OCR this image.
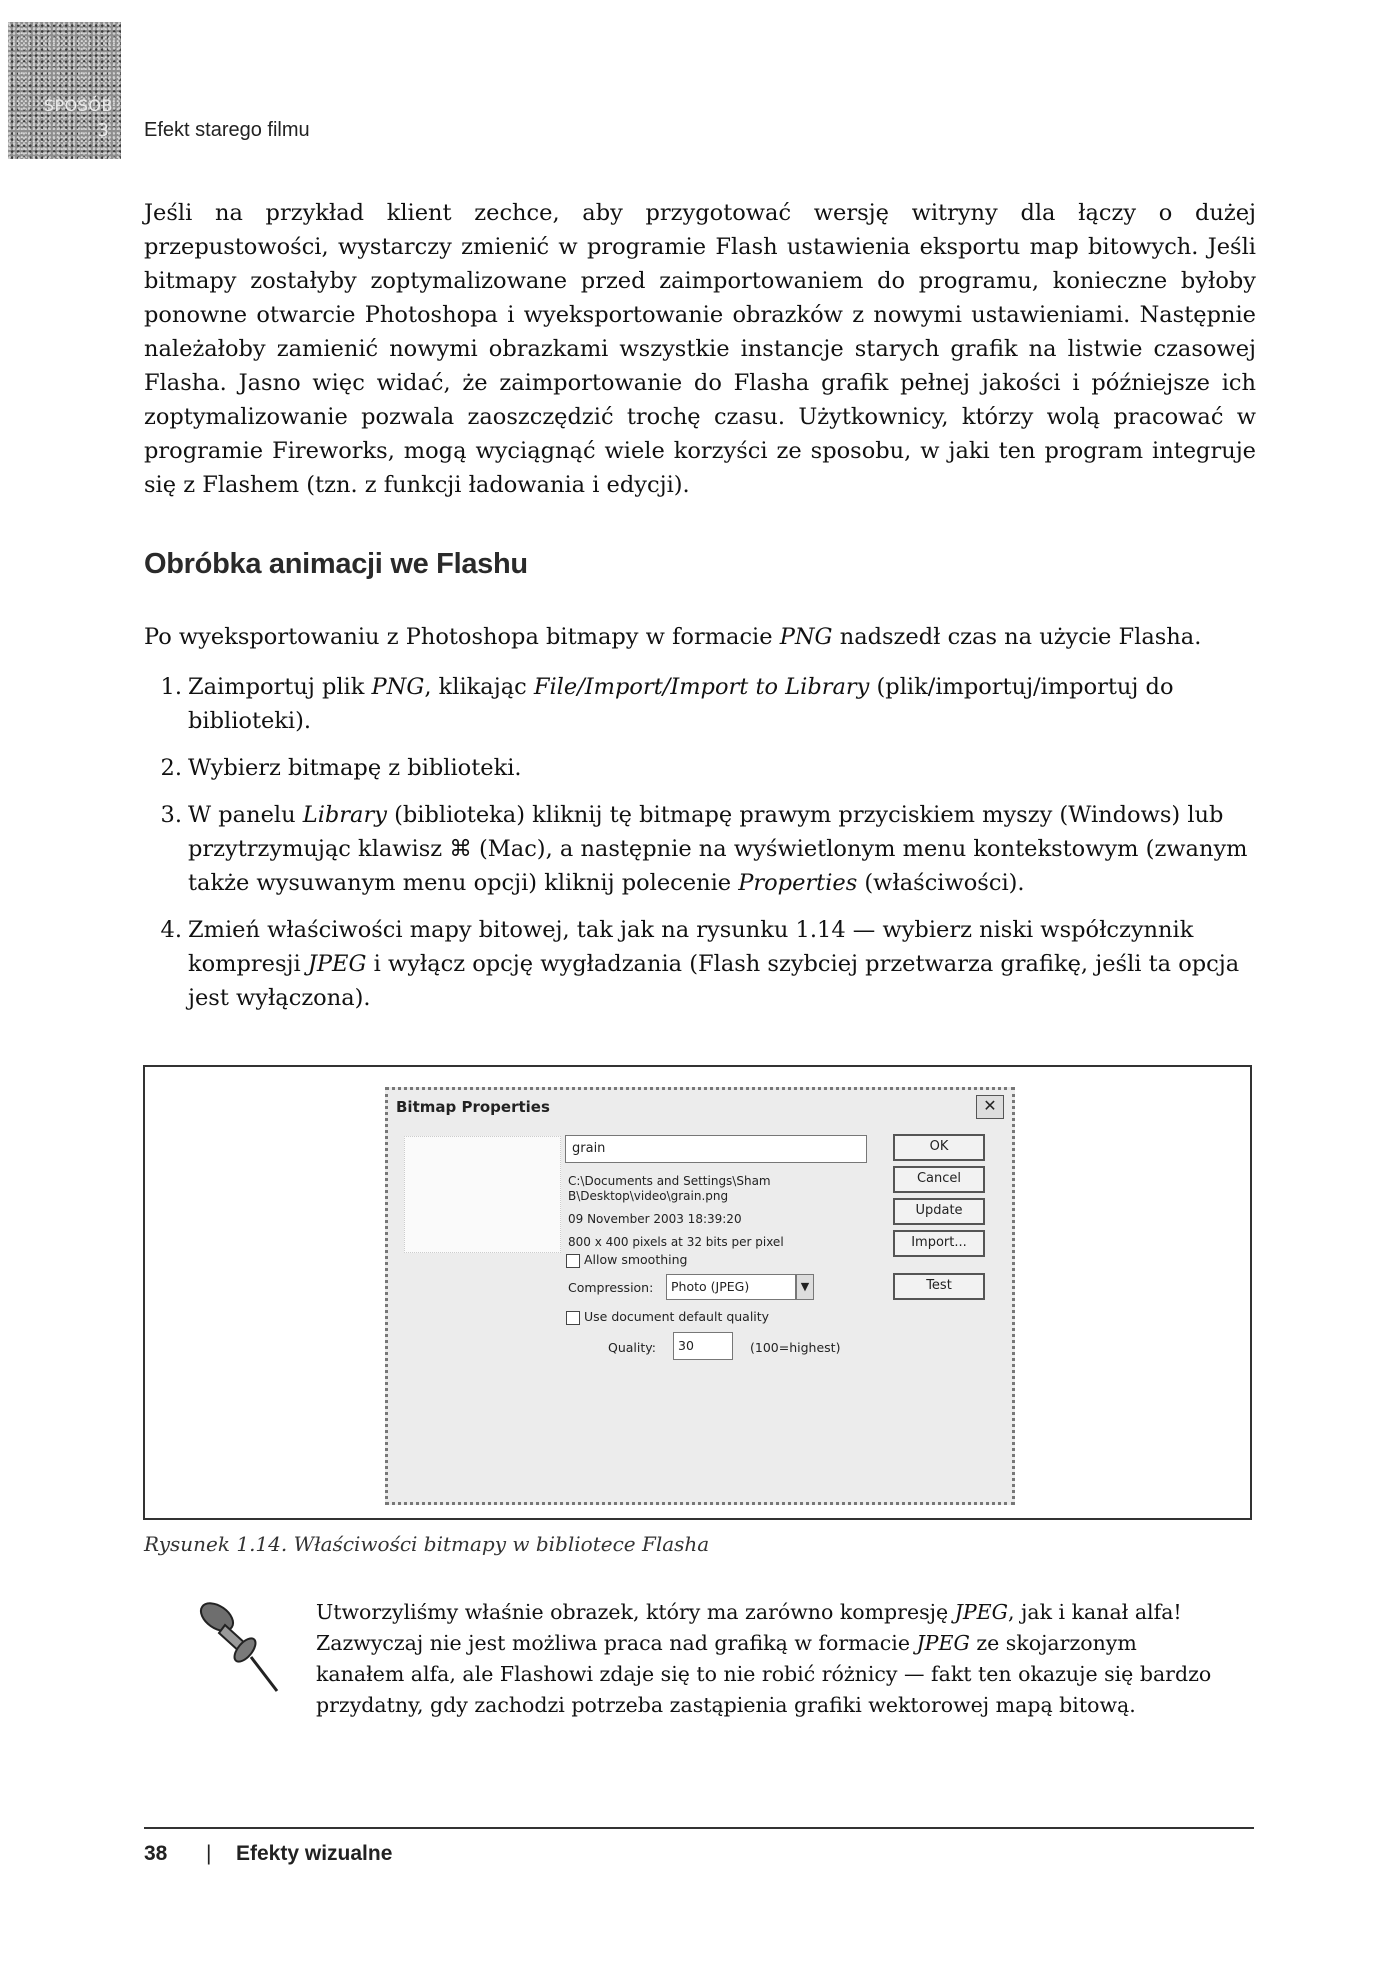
SPOSÓB
3 Efekt starego filmu
Jeśli na przykład klient zechce, aby przygotować wersję witryny dla łączy o dużej przepustowości, wystarczy zmienić w programie Flash ustawienia eksportu map bitowych. Jeśli bitmapy zostałyby zoptymalizowane przed zaimportowaniem do programu, konieczne byłoby ponowne otwarcie Photoshopa i wyeksportowanie obrazków z nowymi ustawieniami. Następnie należałoby zamienić nowymi obrazkami wszystkie instancje starych grafik na listwie czasowej Flasha. Jasno więc widać, że zaimportowanie do Flasha grafik pełnej jakości i późniejsze ich zoptymalizowanie pozwala zaoszczędzić trochę czasu. Użytkownicy, którzy wolą pracować w programie Fireworks, mogą wyciągnąć wiele korzyści ze sposobu, w jaki ten program integruje się z Flashem (tzn. z funkcji ładowania i edycji).
Obróbka animacji we Flashu
Po wyeksportowaniu z Photoshopa bitmapy w formacie PNG nadszedł czas na użycie Flasha.
1. Zaimportuj plik PNG, klikając File/Import/Import to Library (plik/importuj/importuj do biblioteki).
2. Wybierz bitmapę z biblioteki.
3. W panelu Library (biblioteka) kliknij tę bitmapę prawym przyciskiem myszy (Windows) lub przytrzymując klawisz ⌘ (Mac), a następnie na wyświetlonym menu kontekstowym (zwanym także wysuwanym menu opcji) kliknij polecenie Properties (właściwości).
4. Zmień właściwości mapy bitowej, tak jak na rysunku 1.14 — wybierz niski współczynnik kompresji JPEG i wyłącz opcję wygładzania (Flash szybciej przetwarza grafikę, jeśli ta opcja jest wyłączona).
Bitmap Properties	✕
grain
C:\Documents and Settings\Sham
B\Desktop\video\grain.png
09 November 2003 18:39:20
800 x 400 pixels at 32 bits per pixel
Allow smoothing
Compression:	Photo (JPEG)	▼
Use document default quality
Quality:	30	(100=highest)
OK
Cancel
Update
Import...
Test
Rysunek 1.14. Właściwości bitmapy w bibliotece Flasha
Utworzyliśmy właśnie obrazek, który ma zarówno kompresję JPEG, jak i kanał alfa! Zazwyczaj nie jest możliwa praca nad grafiką w formacie JPEG ze skojarzonym kanałem alfa, ale Flashowi zdaje się to nie robić różnicy — fakt ten okazuje się bardzo przydatny, gdy zachodzi potrzeba zastąpienia grafiki wektorowej mapą bitową.
38 | Efekty wizualne
